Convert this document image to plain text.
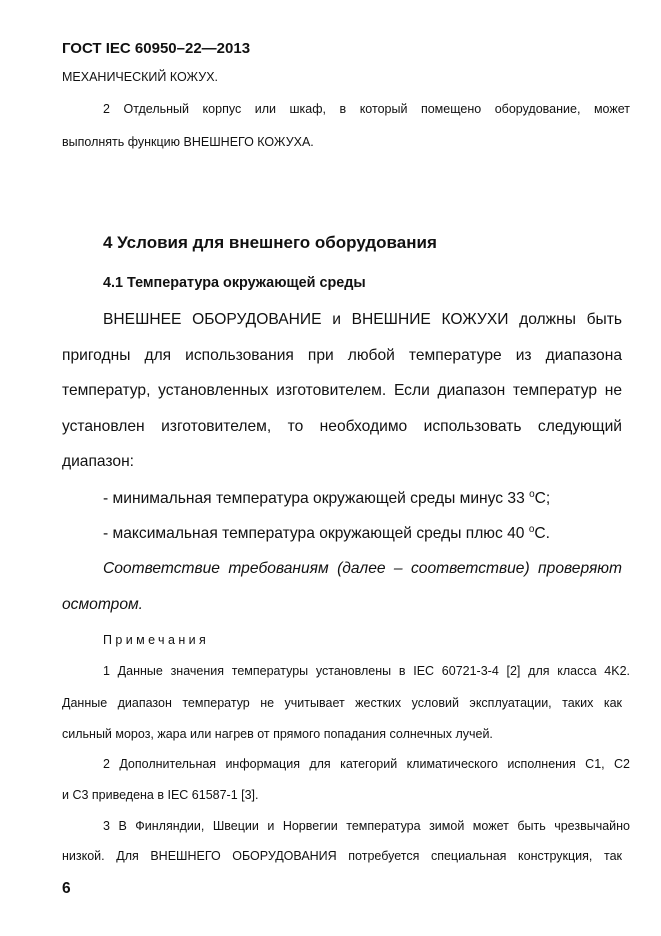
ГОСТ IEC 60950–22—2013
МЕХАНИЧЕСКИЙ КОЖУХ.
2 Отдельный корпус или шкаф, в который помещено оборудование, может
выполнять функцию ВНЕШНЕГО КОЖУХА.
4 Условия для внешнего оборудования
4.1 Температура окружающей среды
ВНЕШНЕЕ ОБОРУДОВАНИЕ и ВНЕШНИЕ КОЖУХИ должны быть
пригодны для использования при любой температуре из диапазона
температур, установленных изготовителем. Если диапазон температур не
установлен изготовителем, то необходимо использовать следующий
диапазон:
- минимальная температура окружающей среды минус 33 $^o$С;
- максимальная температура окружающей среды плюс 40 $^o$С.
Соответствие требованиям (далее – соответствие) проверяют
осмотром.
Примечания
1 Данные значения температуры установлены в IEC 60721-3-4 [2] для класса 4K2.
Данные диапазон температур не учитывает жестких условий эксплуатации, таких как
сильный мороз, жара или нагрев от прямого попадания солнечных лучей.
2 Дополнительная информация для категорий климатического исполнения С1, С2
и С3 приведена в IEC 61587-1 [3].
3 В Финляндии, Швеции и Норвегии температура зимой может быть чрезвычайно
низкой. Для ВНЕШНЕГО ОБОРУДОВАНИЯ потребуется специальная конструкция, так
6
